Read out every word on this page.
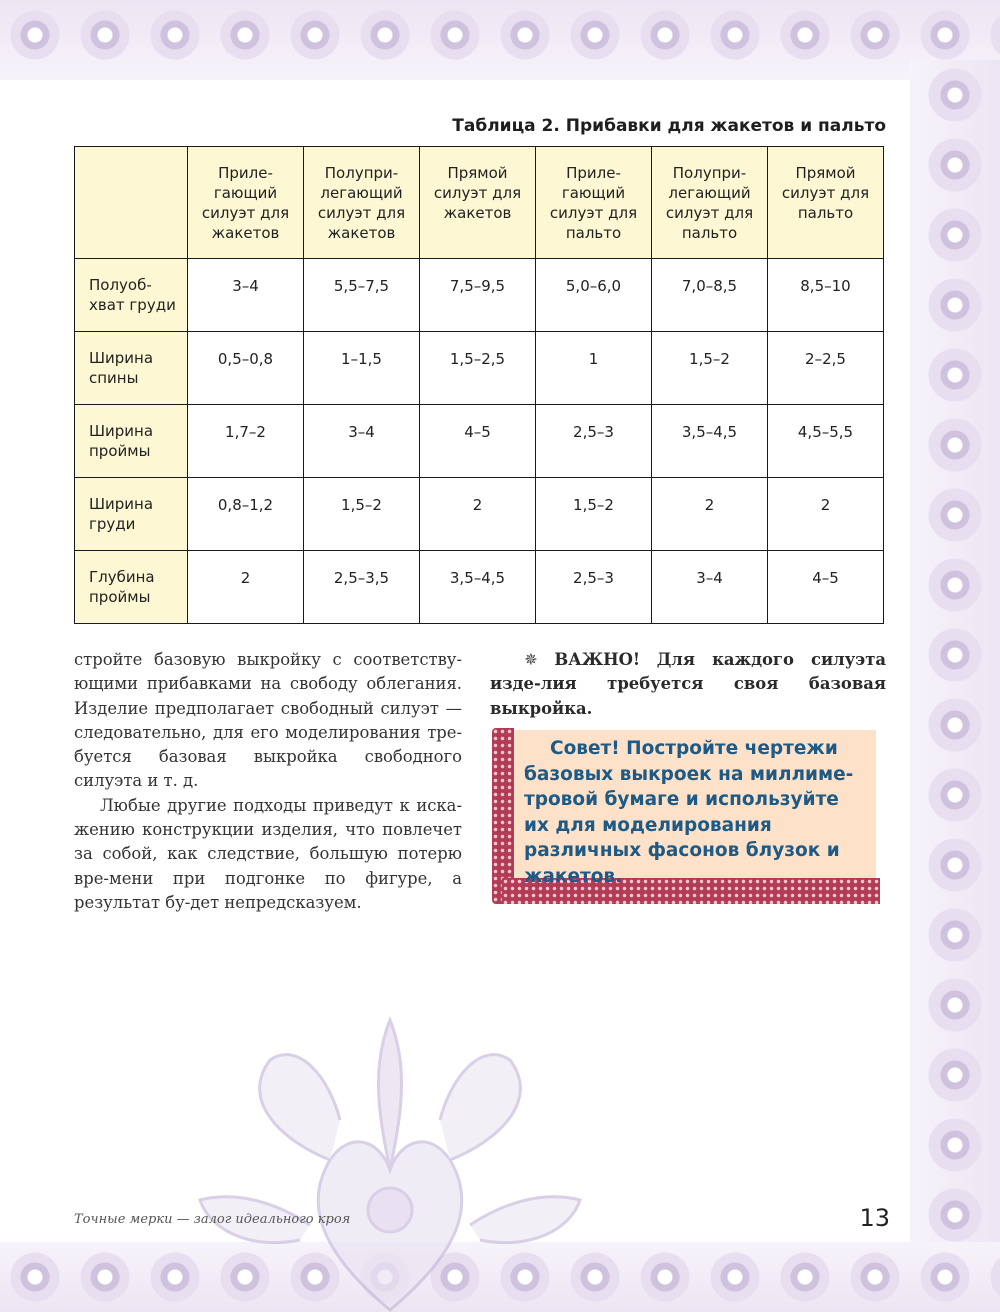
Таблица 2. Прибавки для жакетов и пальто
	Приле-
гающий
силуэт для
жакетов	Полупри-
легающий
силуэт для
жакетов	Прямой
силуэт для
жакетов	Приле-
гающий
силуэт для
пальто	Полупри-
легающий
силуэт для
пальто	Прямой
силуэт для
пальто
Полуоб-
хват груди	3–4	5,5–7,5	7,5–9,5	5,0–6,0	7,0–8,5	8,5–10
Ширина
спины	0,5–0,8	1–1,5	1,5–2,5	1	1,5–2	2–2,5
Ширина
проймы	1,7–2	3–4	4–5	2,5–3	3,5–4,5	4,5–5,5
Ширина
груди	0,8–1,2	1,5–2	2	1,5–2	2	2
Глубина
проймы	2	2,5–3,5	3,5–4,5	2,5–3	3–4	4–5

стройте базовую выкройку с соответству-ющими прибавками на свободу облегания. Изделие предполагает свободный силуэт — следовательно, для его моделирования тре-буется базовая выкройка свободного силуэта и т. д.

Любые другие подходы приведут к иска-жению конструкции изделия, что повлечет за собой, как следствие, большую потерю вре-мени при подгонке по фигуре, а результат бу-дет непредсказуем.

✵ ВАЖНО! Для каждого силуэта изде-лия требуется своя базовая выкройка.
Совет! Постройте чертежи базовых выкроек на миллиме-тровой бумаге и используйте их для моделирования различных фасонов блузок и жакетов.
Точные мерки — залог идеального кроя	13
